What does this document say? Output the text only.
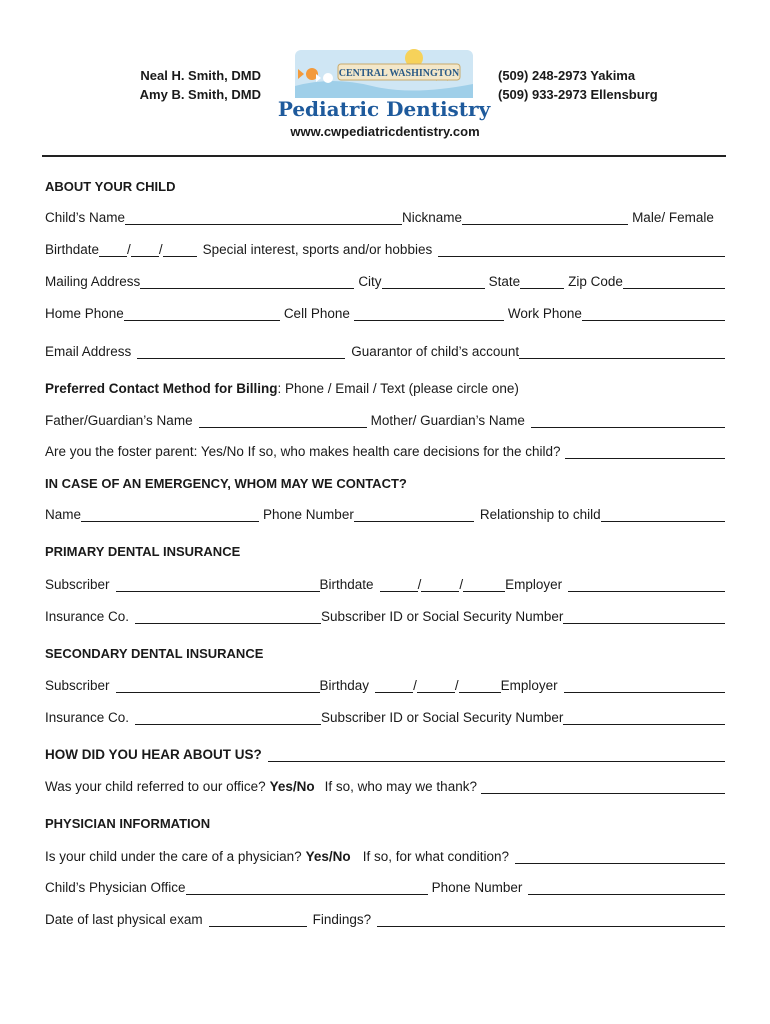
Neal H. Smith, DMD
Amy B. Smith, DMD
CENTRAL WASHINGTON
Pediatric Dentistry
(509) 248-2973 Yakima
(509) 933-2973 Ellensburg
www.cwpediatricdentistry.com
ABOUT YOUR CHILD
Child’s Name	Nickname	Male/ Female
Birthdate / /	Special interest, sports and/or hobbies
Mailing Address	City	State	Zip Code
Home Phone	Cell Phone	Work Phone
Email Address	Guarantor of child’s account
Preferred Contact Method for Billing : Phone / Email / Text (please circle one)
Father/Guardian’s Name	Mother/ Guardian’s Name
Are you the foster parent: Yes/No If so, who makes health care decisions for the child?
IN CASE OF AN EMERGENCY, WHOM MAY WE CONTACT?
Name	Phone Number	Relationship to child
PRIMARY DENTAL INSURANCE
Subscriber	Birthdate	/	/	Employer
Insurance Co.	Subscriber ID or Social Security Number
SECONDARY DENTAL INSURANCE
Subscriber	Birthday	/	/	Employer
Insurance Co.	Subscriber ID or Social Security Number
HOW DID YOU HEAR ABOUT US?
Was your child referred to our office? Yes/No If so, who may we thank?
PHYSICIAN INFORMATION
Is your child under the care of a physician? Yes/No If so, for what condition?
Child’s Physician Office	Phone Number
Date of last physical exam	Findings?
